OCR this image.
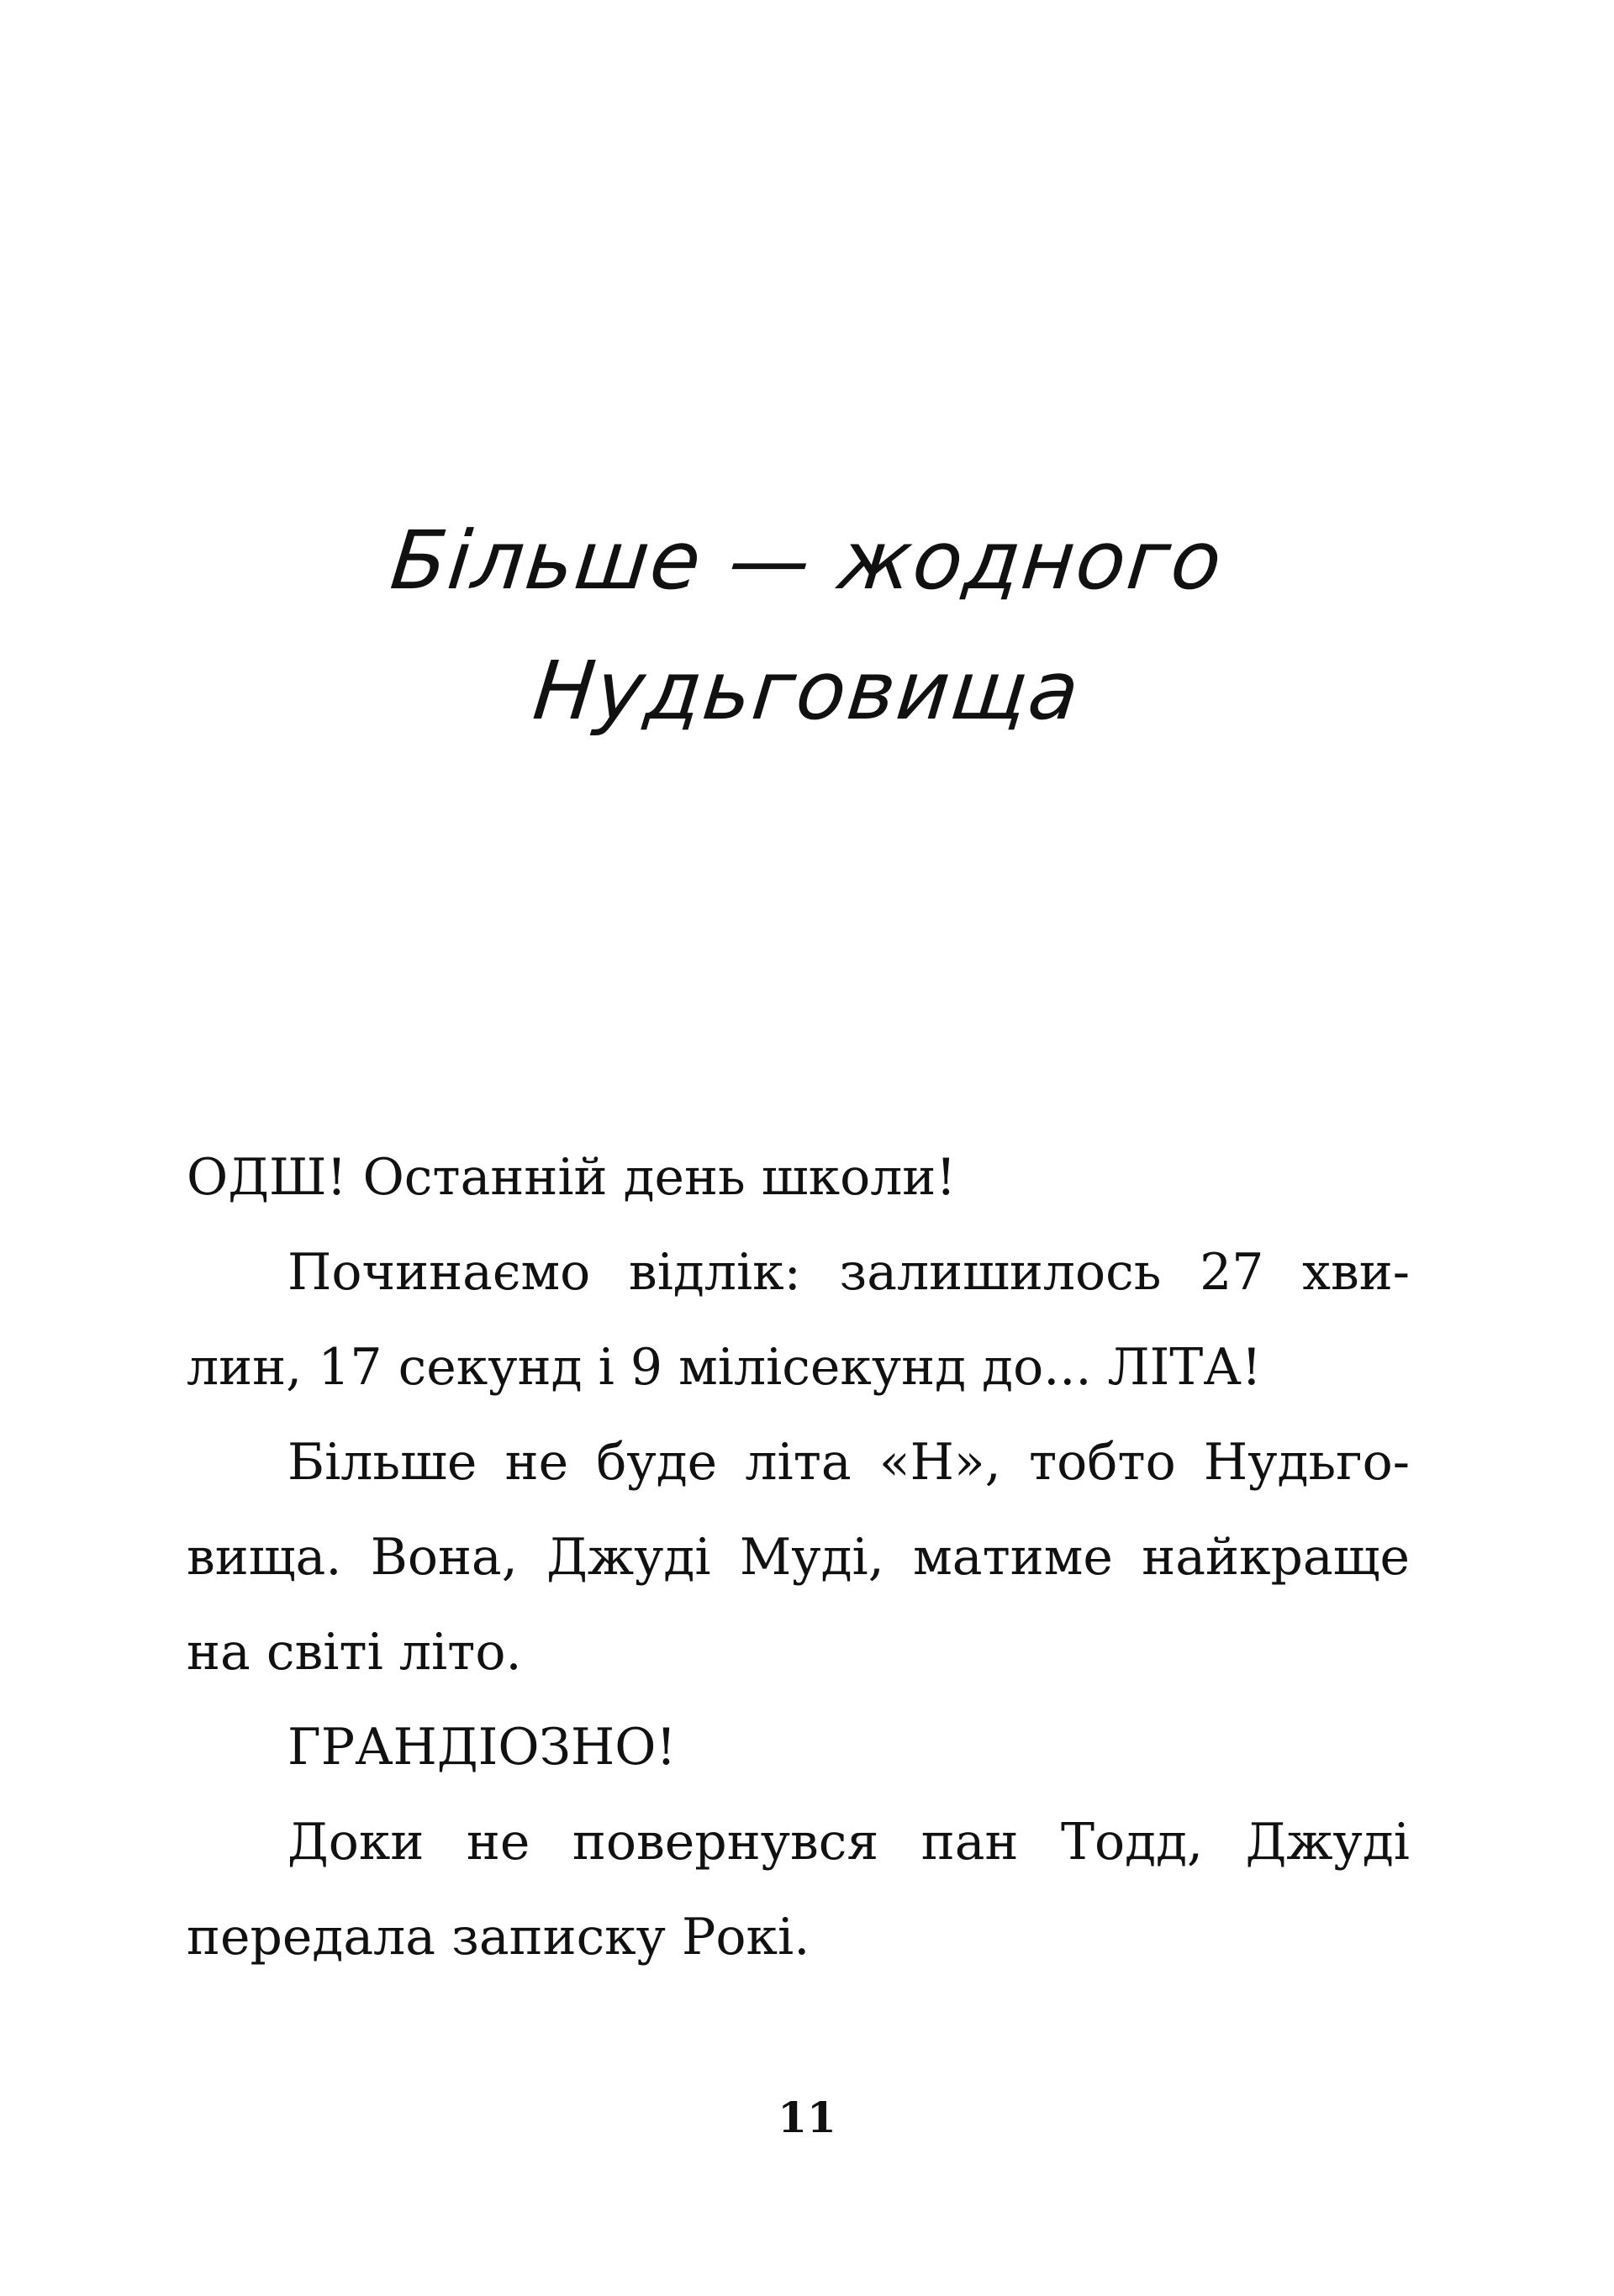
Більше — жодного
Нудьговища

ОДШ! Останній день школи!

Починаємо відлік: залишилось 27 хвилин, 17 секунд і 9 мілісекунд до... ЛІТА!

Більше не буде літа «Н», тобто Нудьговища. Вона, Джуді Муді, матиме найкраще на світі літо.

ГРАНДІОЗНО!

Доки не повернувся пан Тодд, Джуді передала записку Рокі.

11
